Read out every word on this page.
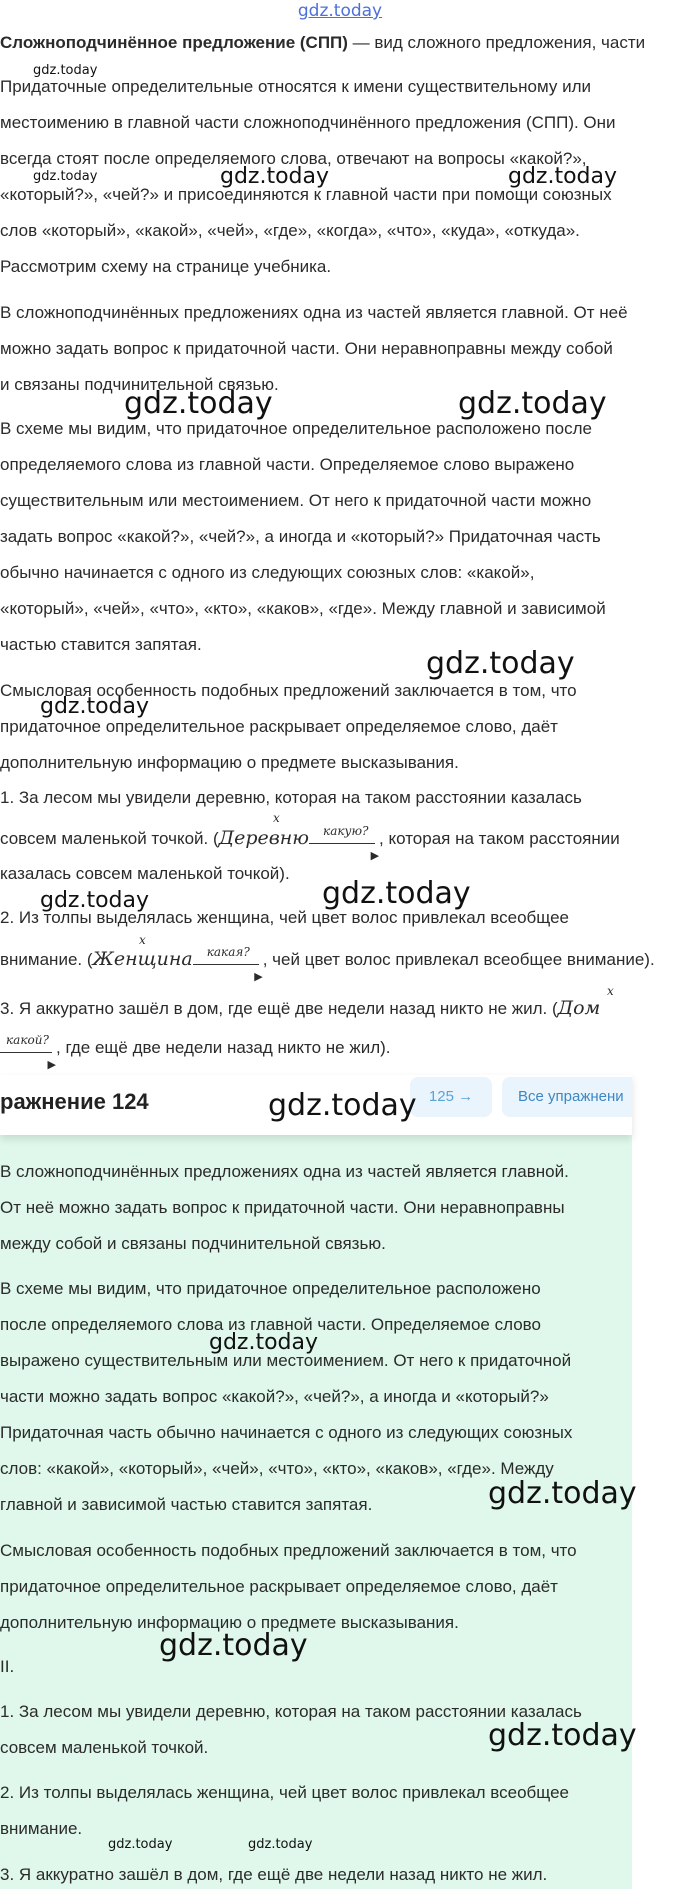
gdz.today

Сложноподчинённое предложение (СПП) — вид сложного предложения, части

Придаточные определительные относятся к имени существительному или

местоимению в главной части сложноподчинённого предложения (СПП). Они

всегда стоят после определяемого слова, отвечают на вопросы «какой?»,

«который?», «чей?» и присоединяются к главной части при помощи союзных

слов «который», «какой», «чей», «где», «когда», «что», «куда», «откуда».

Рассмотрим схему на странице учебника.

В сложноподчинённых предложениях одна из частей является главной. От неё

можно задать вопрос к придаточной части. Они неравноправны между собой

и связаны подчинительной связью.

В схеме мы видим, что придаточное определительное расположено после

определяемого слова из главной части. Определяемое слово выражено

существительным или местоимением. От него к придаточной части можно

задать вопрос «какой?», «чей?», а иногда и «который?» Придаточная часть

обычно начинается с одного из следующих союзных слов: «какой»,

«который», «чей», «что», «кто», «каков», «где». Между главной и зависимой

частью ставится запятая.

Смысловая особенность подобных предложений заключается в том, что

придаточное определительное раскрывает определяемое слово, даёт

дополнительную информацию о предмете высказывания.

1. За лесом мы увидели деревню, которая на таком расстоянии казалась

совсем маленькой точкой. (Деревню какую?
▶
, которая на таком расстоянии

x

казалась совсем маленькой точкой).

2. Из толпы выделялась женщина, чей цвет волос привлекал всеобщее

внимание. (Женщина какая?
▶
, чей цвет волос привлекал всеобщее внимание).

x

3. Я аккуратно зашёл в дом, где ещё две недели назад никто не жил. (Дом

x

какой?
▶
, где ещё две недели назад никто не жил).

ражнение 124	125 →	Все упражнени

В сложноподчинённых предложениях одна из частей является главной.

От неё можно задать вопрос к придаточной части. Они неравноправны

между собой и связаны подчинительной связью.

В схеме мы видим, что придаточное определительное расположено

после определяемого слова из главной части. Определяемое слово

выражено существительным или местоимением. От него к придаточной

части можно задать вопрос «какой?», «чей?», а иногда и «который?»

Придаточная часть обычно начинается с одного из следующих союзных

слов: «какой», «который», «чей», «что», «кто», «каков», «где». Между

главной и зависимой частью ставится запятая.

Смысловая особенность подобных предложений заключается в том, что

придаточное определительное раскрывает определяемое слово, даёт

дополнительную информацию о предмете высказывания.

II.

1. За лесом мы увидели деревню, которая на таком расстоянии казалась

совсем маленькой точкой.

2. Из толпы выделялась женщина, чей цвет волос привлекал всеобщее

внимание.

3. Я аккуратно зашёл в дом, где ещё две недели назад никто не жил.

gdz.today
gdz.today	gdz.today	gdz.today
gdz.today	gdz.today
gdz.today
gdz.today
gdz.today
gdz.today
gdz.today
gdz.today
gdz.today
gdz.today
gdz.today
gdz.today	gdz.today
